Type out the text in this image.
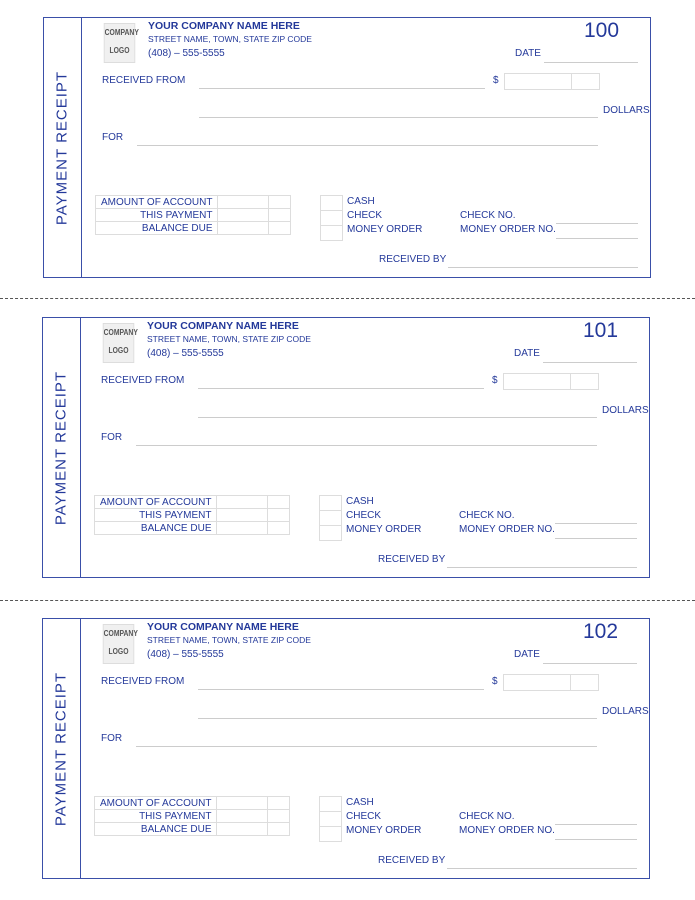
PAYMENT RECEIPT
COMPANY
LOGO
YOUR COMPANY NAME HERE
STREET NAME, TOWN, STATE ZIP CODE
(408) – 555-5555
100
DATE
RECEIVED FROM	$
DOLLARS
FOR
AMOUNT OF ACCOUNT		
THIS PAYMENT		
BALANCE DUE		

CASH
CHECK
MONEY ORDER
CHECK NO.
MONEY ORDER NO.
RECEIVED BY
PAYMENT RECEIPT
COMPANY
LOGO
YOUR COMPANY NAME HERE
STREET NAME, TOWN, STATE ZIP CODE
(408) – 555-5555
101
DATE
RECEIVED FROM	$
DOLLARS
FOR
AMOUNT OF ACCOUNT		
THIS PAYMENT		
BALANCE DUE		

CASH
CHECK
MONEY ORDER
CHECK NO.
MONEY ORDER NO.
RECEIVED BY
PAYMENT RECEIPT
COMPANY
LOGO
YOUR COMPANY NAME HERE
STREET NAME, TOWN, STATE ZIP CODE
(408) – 555-5555
102
DATE
RECEIVED FROM	$
DOLLARS
FOR
AMOUNT OF ACCOUNT		
THIS PAYMENT		
BALANCE DUE		

CASH
CHECK
MONEY ORDER
CHECK NO.
MONEY ORDER NO.
RECEIVED BY
